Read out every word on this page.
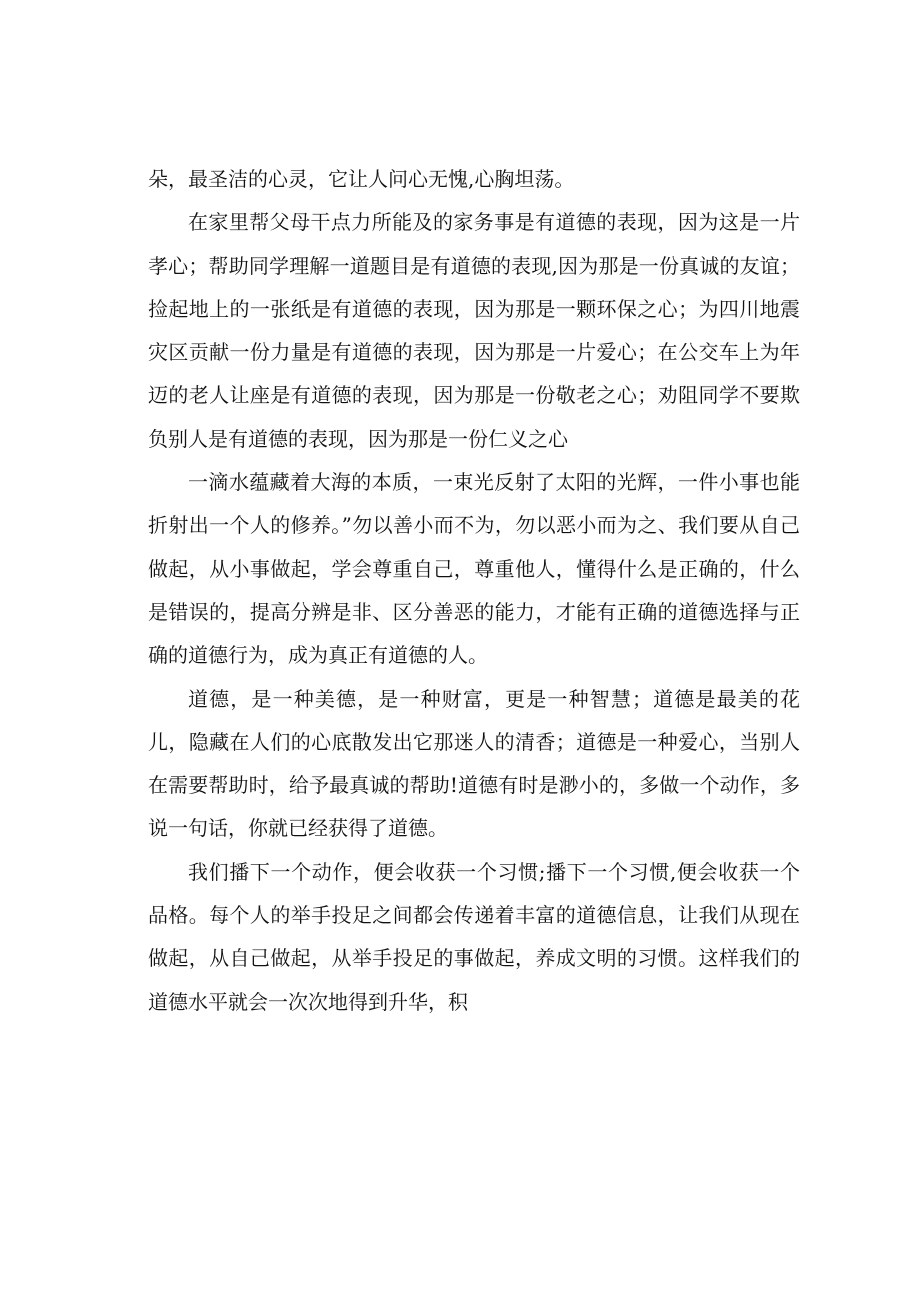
朵，最圣洁的心灵，它让人问心无愧,心胸坦荡。

在家里帮父母干点力所能及的家务事是有道德的表现，因为这是一片孝心；帮助同学理解一道题目是有道德的表现,因为那是一份真诚的友谊；捡起地上的一张纸是有道德的表现，因为那是一颗环保之心；为四川地震灾区贡献一份力量是有道德的表现，因为那是一片爱心；在公交车上为年迈的老人让座是有道德的表现，因为那是一份敬老之心；劝阻同学不要欺负别人是有道德的表现，因为那是一份仁义之心

一滴水蕴藏着大海的本质，一束光反射了太阳的光辉，一件小事也能折射出一个人的修养。”勿以善小而不为，勿以恶小而为之、我们要从自己做起，从小事做起，学会尊重自己，尊重他人，懂得什么是正确的，什么是错误的，提高分辨是非、区分善恶的能力，才能有正确的道德选择与正确的道德行为，成为真正有道德的人。

道德，是一种美德，是一种财富，更是一种智慧；道德是最美的花儿，隐藏在人们的心底散发出它那迷人的清香；道德是一种爱心，当别人在需要帮助时，给予最真诚的帮助!道德有时是渺小的，多做一个动作，多说一句话，你就已经获得了道德。

我们播下一个动作，便会收获一个习惯;播下一个习惯,便会收获一个品格。每个人的举手投足之间都会传递着丰富的道德信息，让我们从现在做起，从自己做起，从举手投足的事做起，养成文明的习惯。这样我们的道德水平就会一次次地得到升华，积
